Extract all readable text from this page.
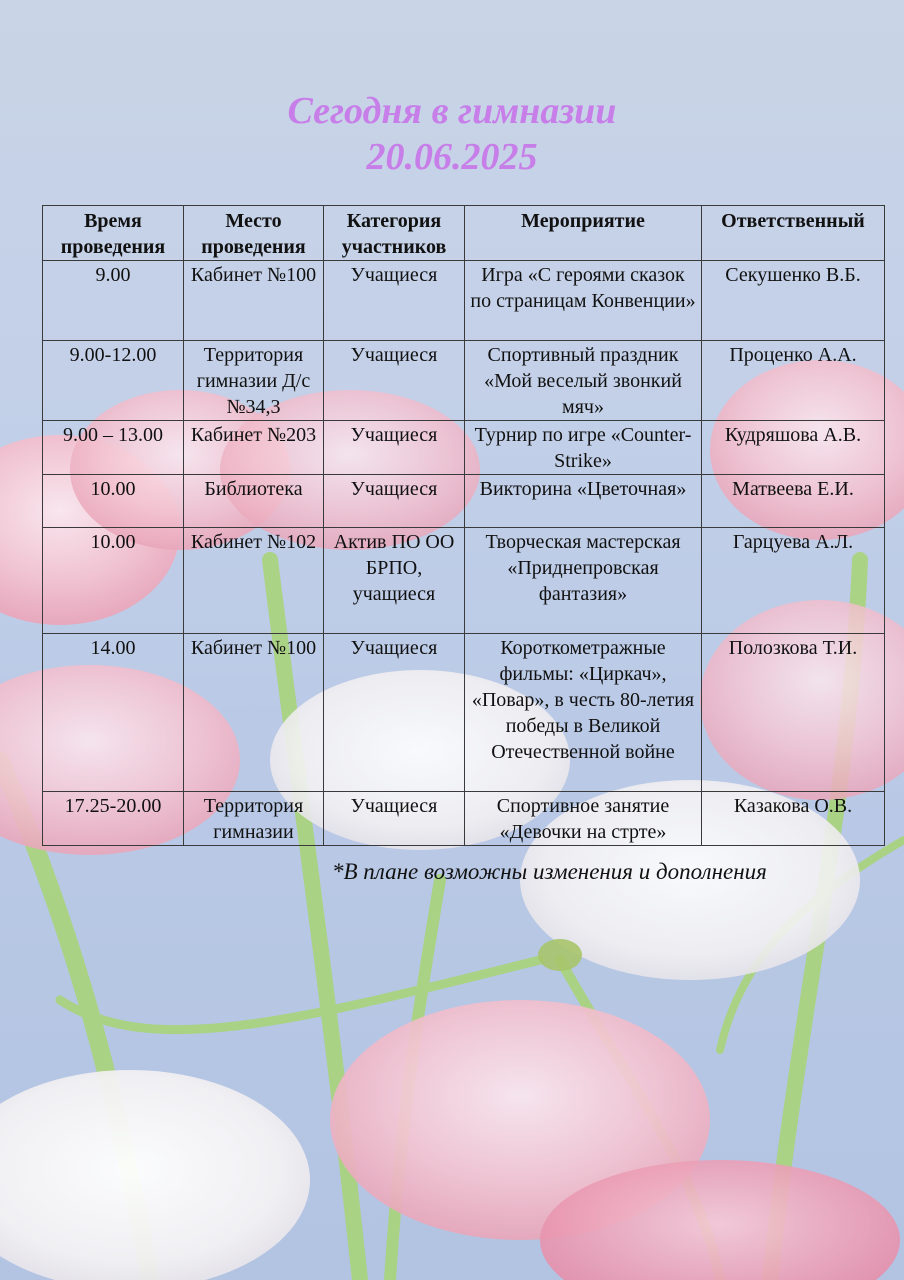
Сегодня в гимназии
20.06.2025
Время проведения	Место проведения	Категория участников	Мероприятие	Ответственный
9.00	Кабинет №100	Учащиеся	Игра «С героями сказок по страницам Конвенции»	Секушенко В.Б.
9.00-12.00	Территория гимназии Д/с №34,3	Учащиеся	Спортивный праздник «Мой веселый звонкий мяч»	Проценко А.А.
9.00 – 13.00	Кабинет №203	Учащиеся	Турнир по игре «Counter-Strike»	Кудряшова А.В.
10.00	Библиотека	Учащиеся	Викторина «Цветочная»	Матвеева Е.И.
10.00	Кабинет №102	Актив ПО ОО БРПО, учащиеся	Творческая мастерская «Приднепровская фантазия»	Гарцуева А.Л.
14.00	Кабинет №100	Учащиеся	Короткометражные фильмы: «Циркач», «Повар», в честь 80-летия победы в Великой Отечественной войне	Полозкова Т.И.
17.25-20.00	Территория гимназии	Учащиеся	Спортивное занятие «Девочки на стрте»	Казакова О.В.
*В плане возможны изменения и дополнения
